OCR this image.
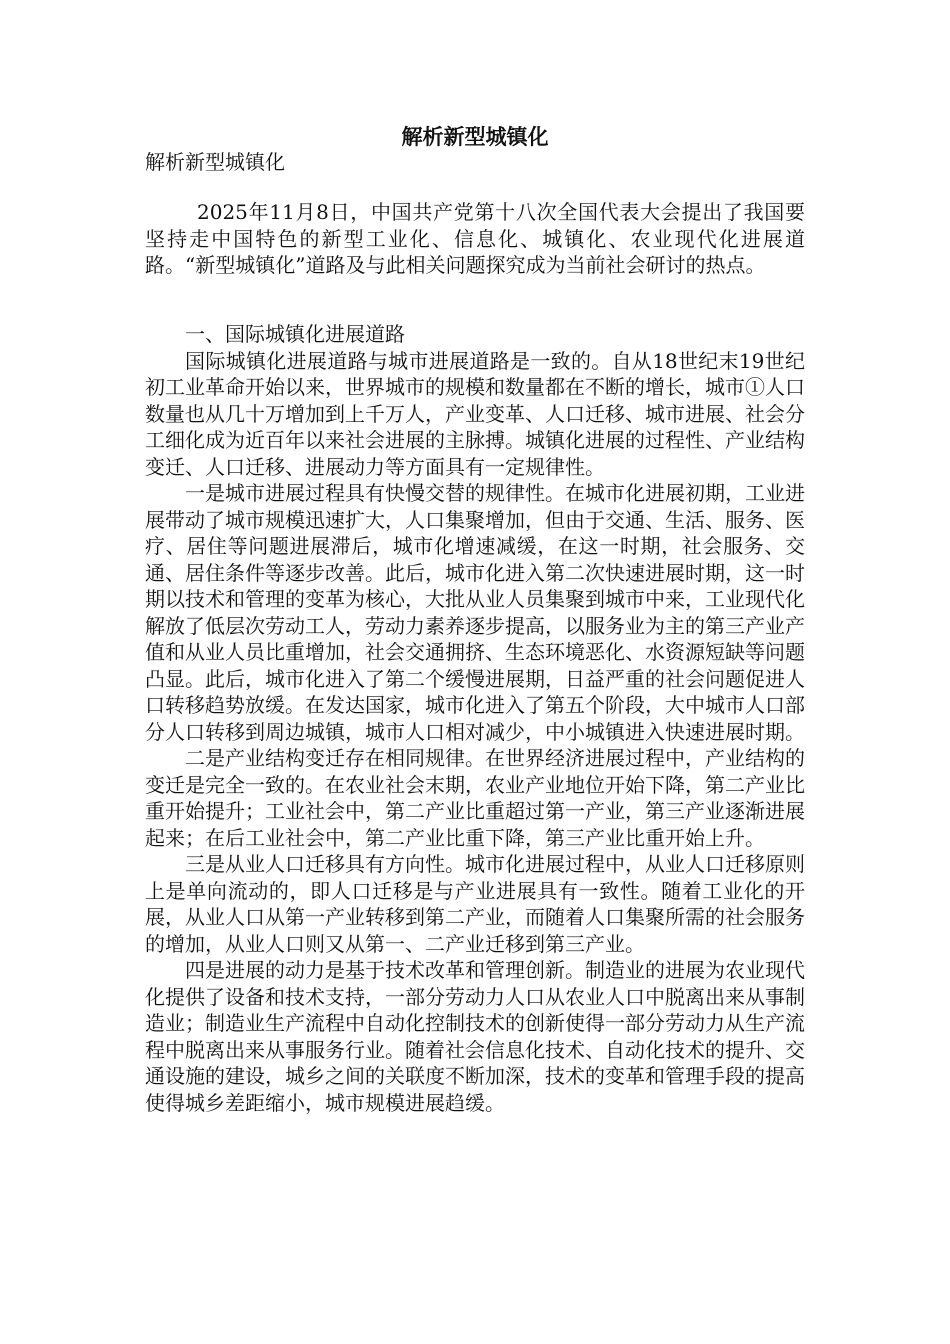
解析新型城镇化

解析新型城镇化

2025年11月8日，中国共产党第十八次全国代表大会提出了我国要坚持走中国特色的新型工业化、信息化、城镇化、农业现代化进展道路。“新型城镇化”道路及与此相关问题探究成为当前社会研讨的热点。

一、国际城镇化进展道路

国际城镇化进展道路与城市进展道路是一致的。自从18世纪末19世纪初工业革命开始以来，世界城市的规模和数量都在不断的增长，城市①人口数量也从几十万增加到上千万人，产业变革、人口迁移、城市进展、社会分工细化成为近百年以来社会进展的主脉搏。城镇化进展的过程性、产业结构变迁、人口迁移、进展动力等方面具有一定规律性。

一是城市进展过程具有快慢交替的规律性。在城市化进展初期，工业进展带动了城市规模迅速扩大，人口集聚增加，但由于交通、生活、服务、医疗、居住等问题进展滞后，城市化增速减缓，在这一时期，社会服务、交通、居住条件等逐步改善。此后，城市化进入第二次快速进展时期，这一时期以技术和管理的变革为核心，大批从业人员集聚到城市中来，工业现代化解放了低层次劳动工人，劳动力素养逐步提高，以服务业为主的第三产业产值和从业人员比重增加，社会交通拥挤、生态环境恶化、水资源短缺等问题凸显。此后，城市化进入了第二个缓慢进展期，日益严重的社会问题促进人口转移趋势放缓。在发达国家，城市化进入了第五个阶段，大中城市人口部分人口转移到周边城镇，城市人口相对减少，中小城镇进入快速进展时期。

二是产业结构变迁存在相同规律。在世界经济进展过程中，产业结构的变迁是完全一致的。在农业社会末期，农业产业地位开始下降，第二产业比重开始提升；工业社会中，第二产业比重超过第一产业，第三产业逐渐进展起来；在后工业社会中，第二产业比重下降，第三产业比重开始上升。

三是从业人口迁移具有方向性。城市化进展过程中，从业人口迁移原则上是单向流动的，即人口迁移是与产业进展具有一致性。随着工业化的开展，从业人口从第一产业转移到第二产业，而随着人口集聚所需的社会服务的增加，从业人口则又从第一、二产业迁移到第三产业。

四是进展的动力是基于技术改革和管理创新。制造业的进展为农业现代化提供了设备和技术支持，一部分劳动力人口从农业人口中脱离出来从事制造业；制造业生产流程中自动化控制技术的创新使得一部分劳动力从生产流程中脱离出来从事服务行业。随着社会信息化技术、自动化技术的提升、交通设施的建设，城乡之间的关联度不断加深，技术的变革和管理手段的提高使得城乡差距缩小，城市规模进展趋缓。
